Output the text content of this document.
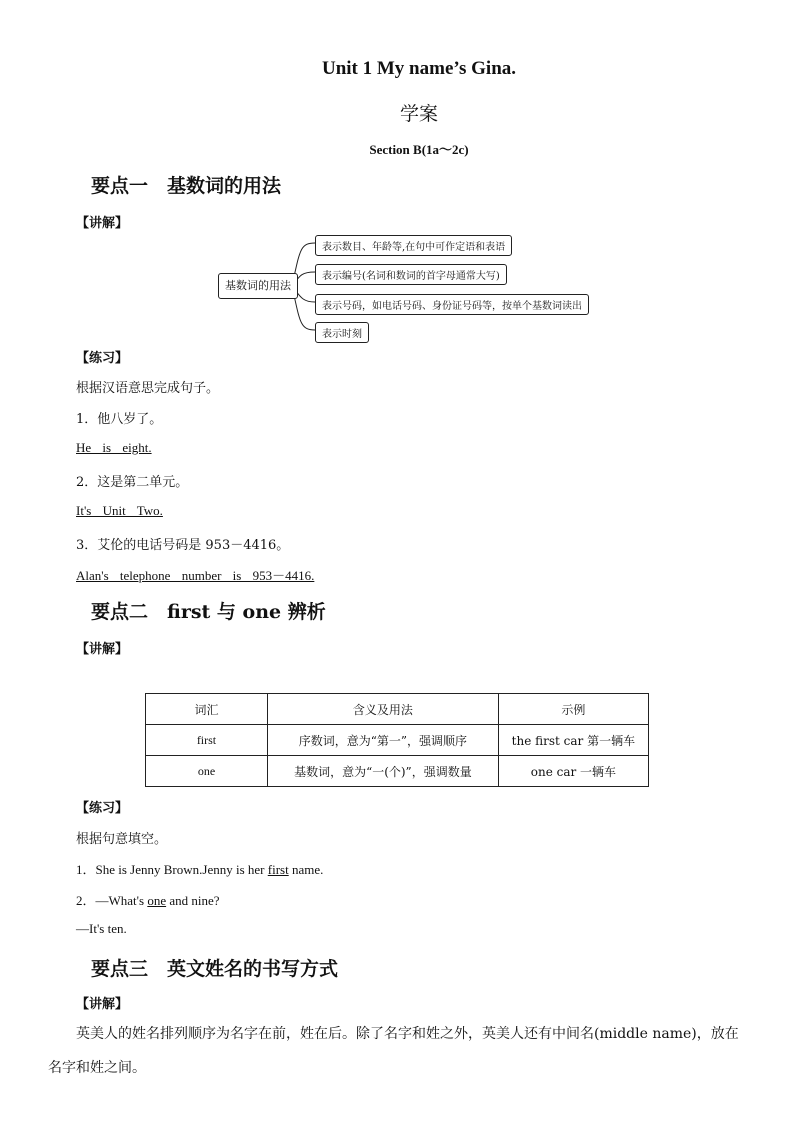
Unit 1 My name’s Gina.
学案
Section B(1a～2c)
要点一　基数词的用法
【讲解】
基数词的用法
表示数目、年龄等,在句中可作定语和表语
表示编号(名词和数词的首字母通常大写)
表示号码，如电话号码、身份证号码等，按单个基数词读出
表示时刻
【练习】
根据汉语意思完成句子。
1．他八岁了。
He is eight.
2．这是第二单元。
It's Unit Two.
3．艾伦的电话号码是 953－4416。
Alan's telephone number is 953－4416.
要点二　first 与 one 辨析
【讲解】
词汇	含义及用法	示例
first	序数词，意为“第一”，强调顺序	the first car 第一辆车
one	基数词，意为“一(个)”，强调数量	one car 一辆车
【练习】
根据句意填空。
1．She is Jenny Brown.Jenny is her first name.
2．—What's one and nine?
—It's ten.
要点三　英文姓名的书写方式
【讲解】
英美人的姓名排列顺序为名字在前，姓在后。除了名字和姓之外，英美人还有中间名(middle name)，放在名字和姓之间。
